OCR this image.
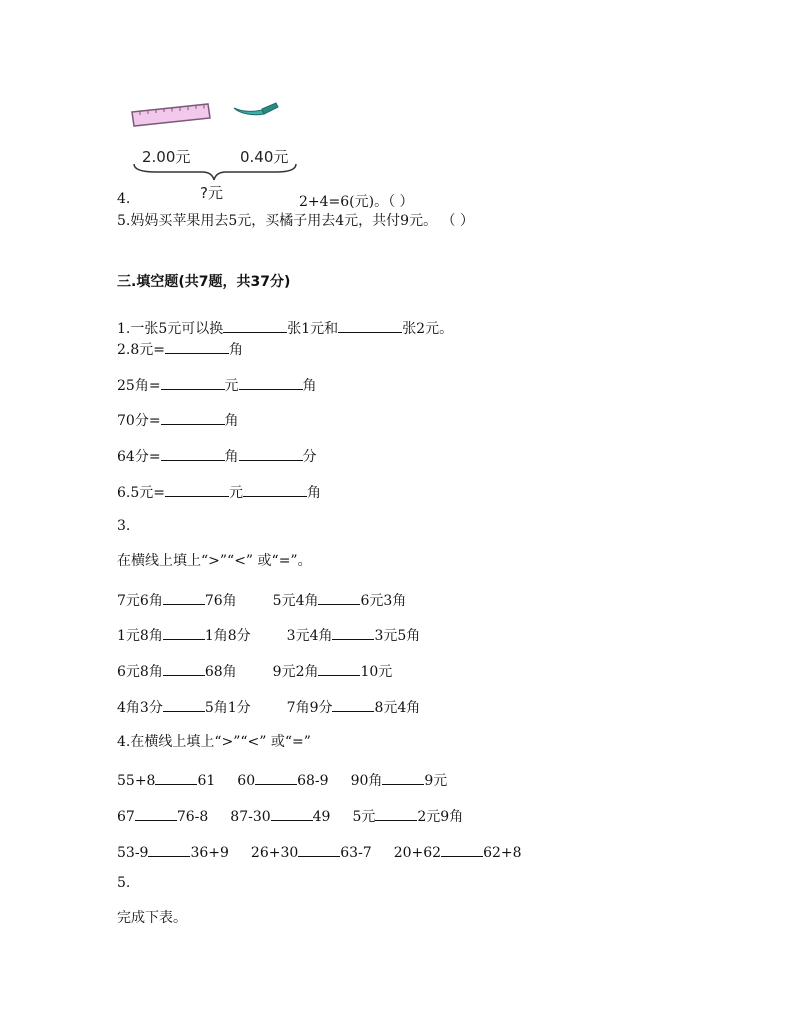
2.00元	0.40元
?元
4.	2+4=6(元)。（ ）
5.妈妈买苹果用去5元，买橘子用去4元，共付9元。 （ ）
三.填空题(共7题，共37分)
1.一张5元可以换	张1元和	张2元。
2.8元=	角
25角=	元	角
70分=	角
64分=	角	分
6.5元=	元	角
3.
在横线上填上“>”“<” 或“=”。
7元6角	76角	5元4角	6元3角
1元8角	1角8分	3元4角	3元5角
6元8角	68角	9元2角	10元
4角3分	5角1分	7角9分	8元4角
4.在横线上填上“>”“<” 或“=”
55+8	61 60	68-9 90角	9元
67	76-8 87-30	49 5元	2元9角
53-9	36+9 26+30	63-7 20+62	62+8
5.
完成下表。
